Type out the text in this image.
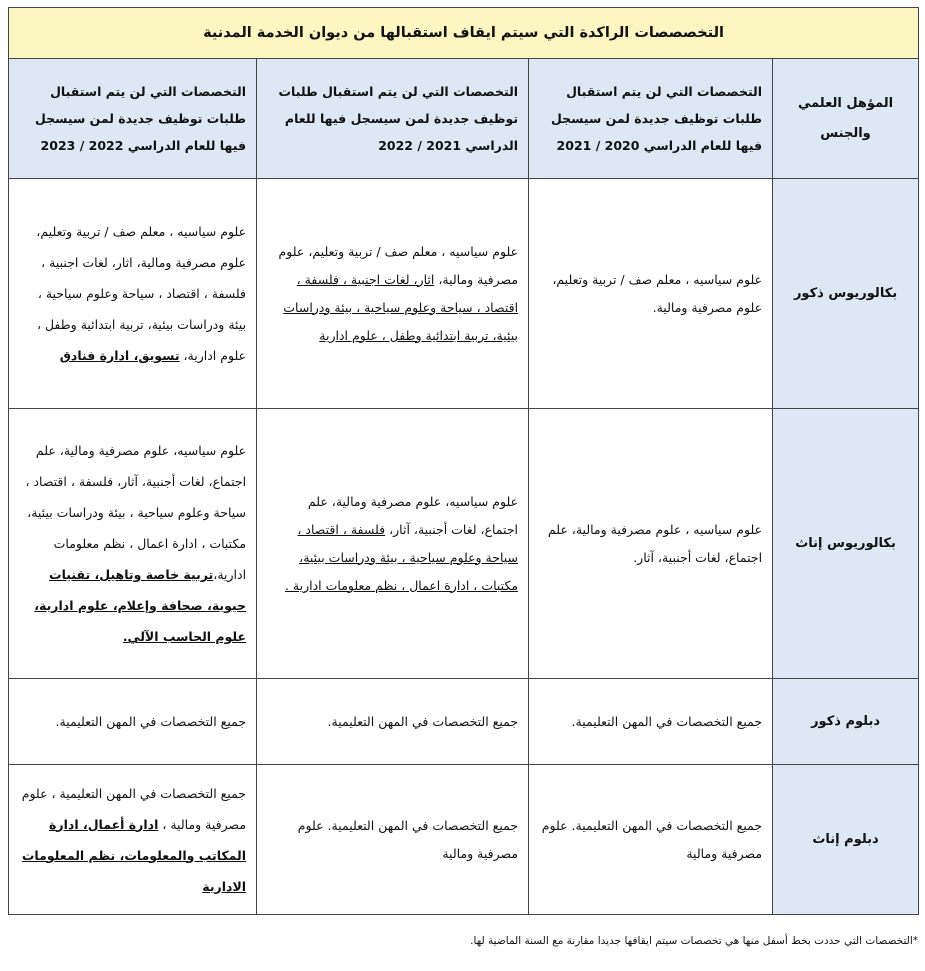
التخصصصات الراكدة التي سيتم ايقاف استقبالها من ديوان الخدمة المدنية			
المؤهل العلمي والجنس	التخصصات التي لن يتم استقبال طلبات توظيف جديدة لمن سيسجل فيها للعام الدراسي 2020 / 2021	التخصصات التي لن يتم استقبال طلبات توظيف جديدة لمن سيسجل فيها للعام الدراسي 2021 / 2022	التخصصات التي لن يتم استقبال طلبات توظيف جديدة لمن سيسجل فيها للعام الدراسي 2022 / 2023
بكالوريوس ذكور	علوم سياسيه ، معلم صف / تربية وتعليم، علوم مصرفية ومالية.	علوم سياسيه ، معلم صف / تربية وتعليم، علوم مصرفية ومالية، اثار، لغات اجنبية ، فلسفة ، اقتصاد ، سياحة وعلوم سياحية ، بيئة ودراسات بيئية، تربية ابتدائية وطفل ، علوم ادارية	علوم سياسيه ، معلم صف / تربية وتعليم، علوم مصرفية ومالية، اثار، لغات اجنبية ، فلسفة ، اقتصاد ، سياحة وعلوم سياحية ، بيئة ودراسات بيئية، تربية ابتدائية وطفل ، علوم ادارية، تسويق، ادارة فنادق
بكالوريوس إناث	علوم سياسيه ، علوم مصرفية ومالية، علم اجتماع، لغات أجنبية، آثار.	علوم سياسيه، علوم مصرفية ومالية، علم اجتماع، لغات أجنبية، آثار، فلسفة ، اقتصاد ، سياحة وعلوم سياحية ، بيئة ودراسات بيئية، مكتبات ، ادارة اعمال ، نظم معلومات ادارية .	علوم سياسيه، علوم مصرفية ومالية، علم اجتماع، لغات أجنبية، آثار، فلسفة ، اقتصاد ، سياحة وعلوم سياحية ، بيئة ودراسات بيئية، مكتبات ، ادارة اعمال ، نظم معلومات ادارية،تربية خاصة وتاهيل، تقنيات حيوية، صحافة وإعلام، علوم ادارية، علوم الحاسب الآلي.
دبلوم ذكور	جميع التخصصات في المهن التعليمية.	جميع التخصصات في المهن التعليمية.	جميع التخصصات في المهن التعليمية.
دبلوم إناث	جميع التخصصات في المهن التعليمية. علوم مصرفية ومالية	جميع التخصصات في المهن التعليمية. علوم مصرفية ومالية	جميع التخصصات في المهن التعليمية ، علوم مصرفية ومالية ، ادارة أعمال، ادارة المكاتب والمعلومات، نظم المعلومات الادارية
*التخصصات التي حددت بخط أسفل منها هي تخصصات سيتم ايقافها جديدا مقارنة مع السنة الماضية لها.
